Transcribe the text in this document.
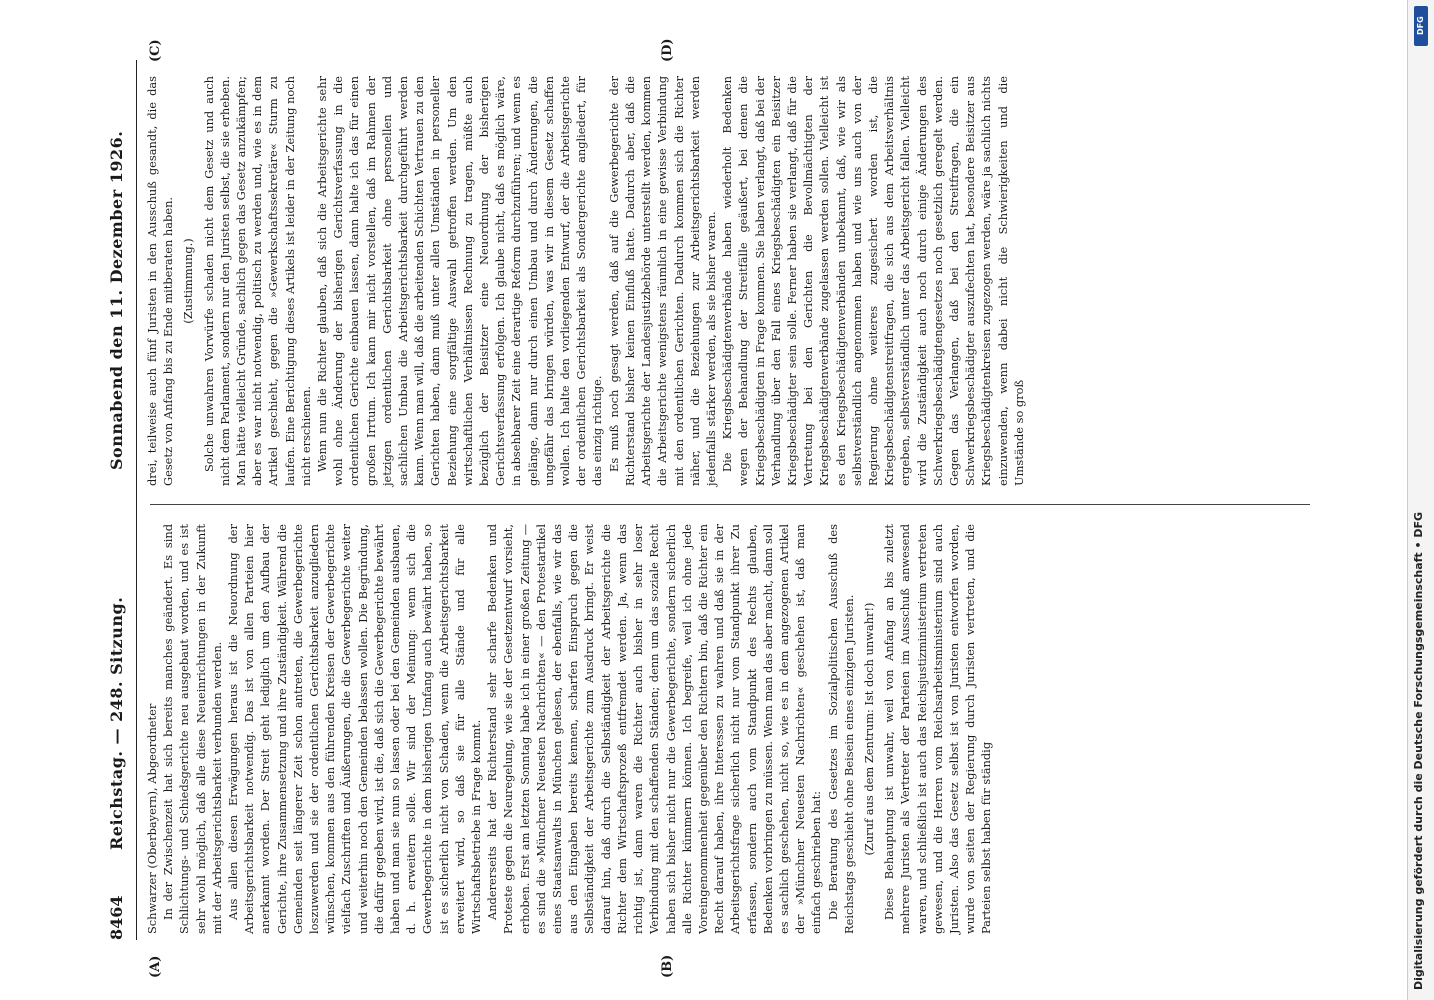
8464
Reichstag. — 248. Sitzung.
Sonnabend den 11. Dezember 1926.
(A)	(B)
(C)	(D)

Schwarzer (Oberbayern), Abgeordneter In der Zwischenzeit hat sich bereits manches geändert. Es sind Schlichtungs- und Schiedsgerichte neu ausgebaut worden, und es ist sehr wohl möglich, daß alle diese Neueinrichtungen in der Zukunft mit der Arbeitsgerichtsbarkeit verbunden werden. Aus allen diesen Erwägungen heraus ist die Neuordnung der Arbeitsgerichtsbarkeit notwendig. Das ist von allen Parteien hier anerkannt worden. Der Streit geht lediglich um den Aufbau der Gerichte, ihre Zusammensetzung und ihre Zuständigkeit. Während die Gemeinden seit längerer Zeit schon antreten, die Gewerbegerichte loszuwerden und sie der ordentlichen Gerichtsbarkeit anzugliedern wünschen, kommen aus den führenden Kreisen der Gewerbegerichte vielfach Zuschriften und Äußerungen, die die Gewerbegerichte weiter und weiterhin noch den Gemeinden belassen wollen. Die Begründung, die dafür gegeben wird, ist die, daß sich die Gewerbegerichte bewährt haben und man sie nun so lassen oder bei den Gemeinden ausbauen, d. h. erweitern solle. Wir sind der Meinung: wenn sich die Gewerbegerichte in dem bisherigen Umfang auch bewährt haben, so ist es sicherlich nicht von Schaden, wenn die Arbeitsgerichtsbarkeit erweitert wird, so daß sie für alle Stände und für alle Wirtschaftsbetriebe in Frage kommt. Andererseits hat der Richterstand sehr scharfe Bedenken und Proteste gegen die Neuregelung, wie sie der Gesetzentwurf vorsieht, erhoben. Erst am letzten Sonntag habe ich in einer großen Zeitung — es sind die »Münchner Neuesten Nachrichten« — den Protestartikel eines Staatsanwalts in München gelesen, der ebenfalls, wie wir das aus den Eingaben bereits kennen, scharfen Einspruch gegen die Selbständigkeit der Arbeitsgerichte zum Ausdruck bringt. Er weist darauf hin, daß durch die Selbständigkeit der Arbeitsgerichte die Richter dem Wirtschaftsprozeß entfremdet werden. Ja, wenn das richtig ist, dann waren die Richter auch bisher in sehr loser Verbindung mit den schaffenden Ständen; denn um das soziale Recht haben sich bisher nicht nur die Gewerbegerichte, sondern sicherlich alle Richter kümmern können. Ich begreife, weil ich ohne jede Voreingenommenheit gegenüber den Richtern bin, daß die Richter ein Recht darauf haben, ihre Interessen zu wahren und daß sie in der Arbeitsgerichtsfrage sicherlich nicht nur vom Standpunkt ihrer Zu erfassen, sondern auch vom Standpunkt des Rechts glauben, Bedenken vorbringen zu müssen. Wenn man das aber macht, dann soll es sachlich geschehen, nicht so, wie es in dem angezogenen Artikel der »Münchner Neuesten Nachrichten« geschehen ist, daß man einfach geschrieben hat: Die Beratung des Gesetzes im Sozialpolitischen Ausschuß des Reichstags geschieht ohne Beisein eines einzigen Juristen. (Zuruf aus dem Zentrum: Ist doch unwahr!) Diese Behauptung ist unwahr, weil von Anfang an bis zuletzt mehrere Juristen als Vertreter der Parteien im Ausschuß anwesend waren, und schließlich ist auch das Reichsjustizministerium vertreten gewesen, und die Herren vom Reichsarbeitsministerium sind auch Juristen. Also das Gesetz selbst ist von Juristen entworfen worden, wurde von seiten der Regierung durch Juristen vertreten, und die Parteien selbst haben für ständig

drei, teilweise auch fünf Juristen in den Ausschuß gesandt, die das Gesetz von Anfang bis zu Ende mitberaten haben. (Zustimmung.) Solche unwahren Vorwürfe schaden nicht dem Gesetz und auch nicht dem Parlament, sondern nur den Juristen selbst, die sie erheben. Man hätte vielleicht Gründe, sachlich gegen das Gesetz anzukämpfen; aber es war nicht notwendig, politisch zu werden und, wie es in dem Artikel geschieht, gegen die »Gewerkschaftssekretäre« Sturm zu laufen. Eine Berichtigung dieses Artikels ist leider in der Zeitung noch nicht erschienen. Wenn nun die Richter glauben, daß sich die Arbeitsgerichte sehr wohl ohne Änderung der bisherigen Gerichtsverfassung in die ordentlichen Gerichte einbauen lassen, dann halte ich das für einen großen Irrtum. Ich kann mir nicht vorstellen, daß im Rahmen der jetzigen ordentlichen Gerichtsbarkeit ohne personellen und sachlichen Umbau die Arbeitsgerichtsbarkeit durchgeführt werden kann. Wenn man will, daß die arbeitenden Schichten Vertrauen zu den Gerichten haben, dann muß unter allen Umständen in personeller Beziehung eine sorgfältige Auswahl getroffen werden. Um den wirtschaftlichen Verhältnissen Rechnung zu tragen, müßte auch bezüglich der Beisitzer eine Neuordnung der bisherigen Gerichtsverfassung erfolgen. Ich glaube nicht, daß es möglich wäre, in absehbarer Zeit eine derartige Reform durchzuführen; und wenn es gelänge, dann nur durch einen Umbau und durch Änderungen, die ungefähr das bringen würden, was wir in diesem Gesetz schaffen wollen. Ich halte den vorliegenden Entwurf, der die Arbeitsgerichte der ordentlichen Gerichtsbarkeit als Sondergerichte angliedert, für das einzig richtige. Es muß noch gesagt werden, daß auf die Gewerbegerichte der Richterstand bisher keinen Einfluß hatte. Dadurch aber, daß die Arbeitsgerichte der Landesjustizbehörde unterstellt werden, kommen die Arbeitsgerichte wenigstens räumlich in eine gewisse Verbindung mit den ordentlichen Gerichten. Dadurch kommen sich die Richter näher, und die Beziehungen zur Arbeitsgerichtsbarkeit werden jedenfalls stärker werden, als sie bisher waren. Die Kriegsbeschädigtenverbände haben wiederholt Bedenken wegen der Behandlung der Streitfälle geäußert, bei denen die Kriegsbeschädigten in Frage kommen. Sie haben verlangt, daß bei der Verhandlung über den Fall eines Kriegsbeschädigten ein Beisitzer Kriegsbeschädigter sein solle. Ferner haben sie verlangt, daß für die Vertretung bei den Gerichten die Bevollmächtigten der Kriegsbeschädigtenverbände zugelassen werden sollen. Vielleicht ist es den Kriegsbeschädigtenverbänden unbekannt, daß, wie wir als selbstverständlich angenommen haben und wie uns auch von der Regierung ohne weiteres zugesichert worden ist, die Kriegsbeschädigtenstreitfragen, die sich aus dem Arbeitsverhältnis ergeben, selbstverständlich unter das Arbeitsgericht fallen. Vielleicht wird die Zuständigkeit auch noch durch einige Änderungen des Schwerkriegsbeschädigtengesetzes noch gesetzlich geregelt werden. Gegen das Verlangen, daß bei den Streitfragen, die ein Schwerkriegsbeschädigter auszufechten hat, besondere Beisitzer aus Kriegsbeschädigtenkreisen zugezogen werden, wäre ja sachlich nichts einzuwenden, wenn dabei nicht die Schwierigkeiten und die Umstände so groß

DFG
Digitalisierung gefördert durch die Deutsche Forschungsgemeinschaft • DFG
